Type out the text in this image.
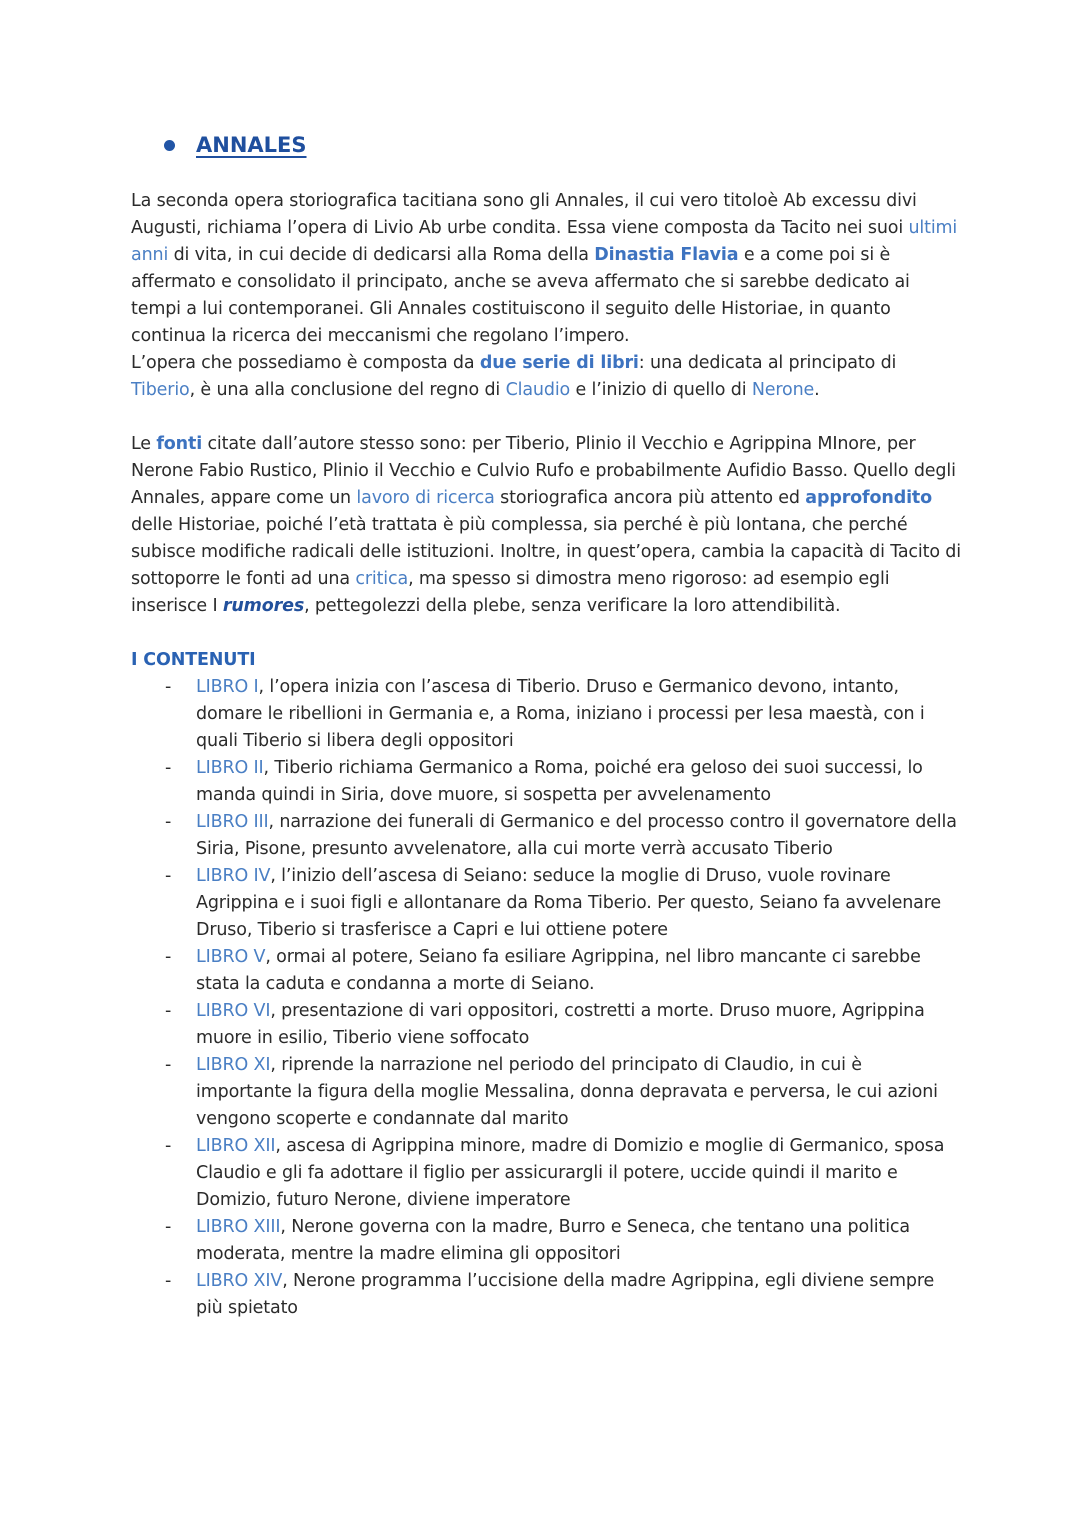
ANNALES

La seconda opera storiografica tacitiana sono gli Annales, il cui vero titoloè Ab excessu divi Augusti, richiama l’opera di Livio Ab urbe condita. Essa viene composta da Tacito nei suoi ultimi anni di vita, in cui decide di dedicarsi alla Roma della Dinastia Flavia e a come poi si è affermato e consolidato il principato, anche se aveva affermato che si sarebbe dedicato ai tempi a lui contemporanei. Gli Annales costituiscono il seguito delle Historiae, in quanto continua la ricerca dei meccanismi che regolano l’impero.
L’opera che possediamo è composta da due serie di libri: una dedicata al principato di Tiberio, è una alla conclusione del regno di Claudio e l’inizio di quello di Nerone.

Le fonti citate dall’autore stesso sono: per Tiberio, Plinio il Vecchio e Agrippina MInore, per Nerone Fabio Rustico, Plinio il Vecchio e Culvio Rufo e probabilmente Aufidio Basso. Quello degli Annales, appare come un lavoro di ricerca storiografica ancora più attento ed approfondito delle Historiae, poiché l’età trattata è più complessa, sia perché è più lontana, che perché subisce modifiche radicali delle istituzioni. Inoltre, in quest’opera, cambia la capacità di Tacito di sottoporre le fonti ad una critica, ma spesso si dimostra meno rigoroso: ad esempio egli inserisce I rumores, pettegolezzi della plebe, senza verificare la loro attendibilità.

I CONTENUTI
- LIBRO I, l’opera inizia con l’ascesa di Tiberio. Druso e Germanico devono, intanto, domare le ribellioni in Germania e, a Roma, iniziano i processi per lesa maestà, con i quali Tiberio si libera degli oppositori
- LIBRO II, Tiberio richiama Germanico a Roma, poiché era geloso dei suoi successi, lo manda quindi in Siria, dove muore, si sospetta per avvelenamento
- LIBRO III, narrazione dei funerali di Germanico e del processo contro il governatore della Siria, Pisone, presunto avvelenatore, alla cui morte verrà accusato Tiberio
- LIBRO IV, l’inizio dell’ascesa di Seiano: seduce la moglie di Druso, vuole rovinare Agrippina e i suoi figli e allontanare da Roma Tiberio. Per questo, Seiano fa avvelenare Druso, Tiberio si trasferisce a Capri e lui ottiene potere
- LIBRO V, ormai al potere, Seiano fa esiliare Agrippina, nel libro mancante ci sarebbe stata la caduta e condanna a morte di Seiano.
- LIBRO VI, presentazione di vari oppositori, costretti a morte. Druso muore, Agrippina muore in esilio, Tiberio viene soffocato
- LIBRO XI, riprende la narrazione nel periodo del principato di Claudio, in cui è importante la figura della moglie Messalina, donna depravata e perversa, le cui azioni vengono scoperte e condannate dal marito
- LIBRO XII, ascesa di Agrippina minore, madre di Domizio e moglie di Germanico, sposa Claudio e gli fa adottare il figlio per assicurargli il potere, uccide quindi il marito e Domizio, futuro Nerone, diviene imperatore
- LIBRO XIII, Nerone governa con la madre, Burro e Seneca, che tentano una politica moderata, mentre la madre elimina gli oppositori
- LIBRO XIV, Nerone programma l’uccisione della madre Agrippina, egli diviene sempre più spietato
